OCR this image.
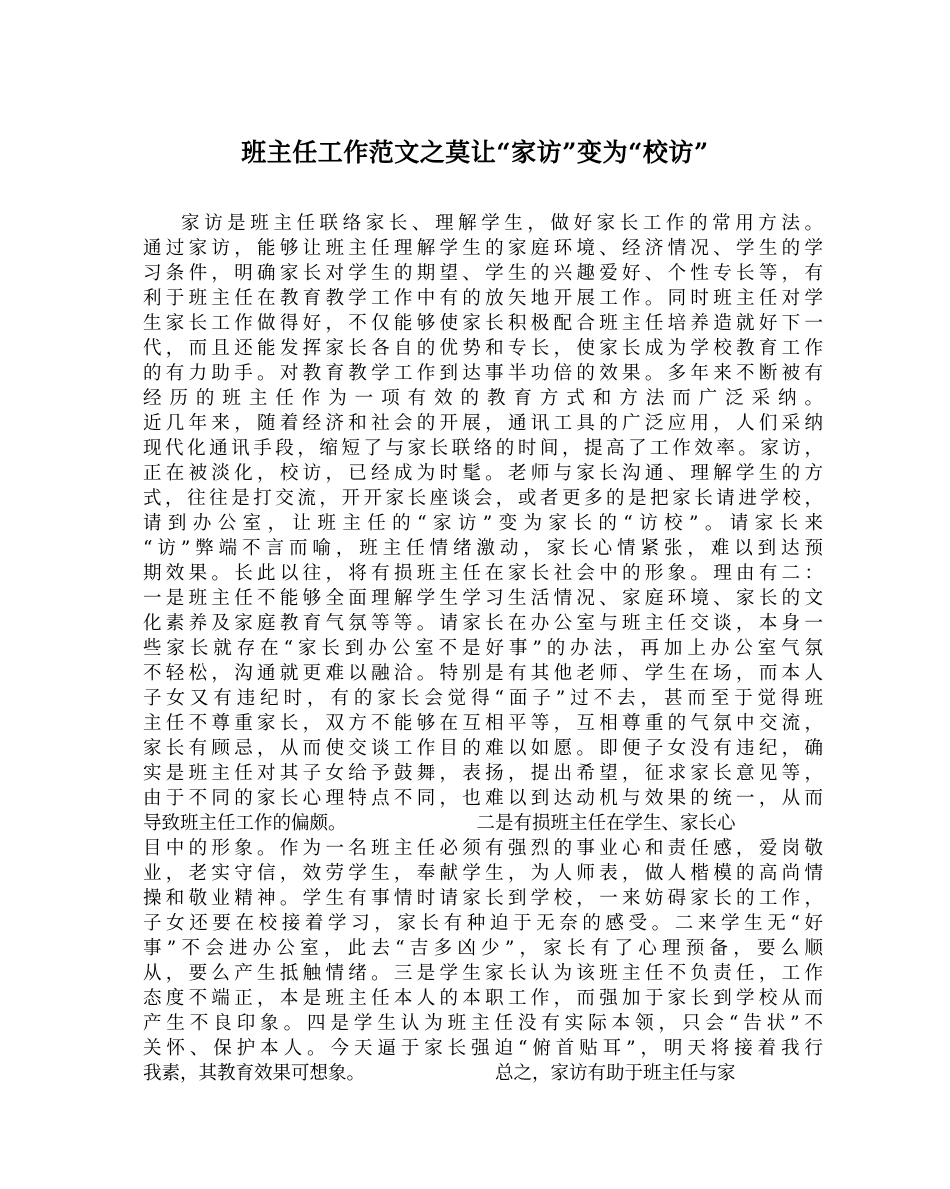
班主任工作范文之莫让“家访”变为“校访”
家访是班主任联络家长、理解学生，做好家长工作的常用方法。
通过家访，能够让班主任理解学生的家庭环境、经济情况、学生的学
习条件，明确家长对学生的期望、学生的兴趣爱好、个性专长等，有
利于班主任在教育教学工作中有的放矢地开展工作。同时班主任对学
生家长工作做得好，不仅能够使家长积极配合班主任培养造就好下一
代，而且还能发挥家长各自的优势和专长，使家长成为学校教育工作
的有力助手。对教育教学工作到达事半功倍的效果。多年来不断被有
经历的班主任作为一项有效的教育方式和方法而广泛采纳。
近几年来，随着经济和社会的开展，通讯工具的广泛应用，人们采纳
现代化通讯手段，缩短了与家长联络的时间，提高了工作效率。家访，
正在被淡化，校访，已经成为时髦。老师与家长沟通、理解学生的方
式，往往是打交流，开开家长座谈会，或者更多的是把家长请进学校，
请到办公室，让班主任的“家访”变为家长的“访校”。请家长来
“访”弊端不言而喻，班主任情绪激动，家长心情紧张，难以到达预
期效果。长此以往，将有损班主任在家长社会中的形象。理由有二：
一是班主任不能够全面理解学生学习生活情况、家庭环境、家长的文
化素养及家庭教育气氛等等。请家长在办公室与班主任交谈，本身一
些家长就存在“家长到办公室不是好事”的办法，再加上办公室气氛
不轻松，沟通就更难以融洽。特别是有其他老师、学生在场，而本人
子女又有违纪时，有的家长会觉得“面子”过不去，甚而至于觉得班
主任不尊重家长，双方不能够在互相平等，互相尊重的气氛中交流，
家长有顾忌，从而使交谈工作目的难以如愿。即便子女没有违纪，确
实是班主任对其子女给予鼓舞，表扬，提出希望，征求家长意见等，
由于不同的家长心理特点不同，也难以到达动机与效果的统一，从而
导致班主任工作的偏颇。	二是有损班主任在学生、家长心
目中的形象。作为一名班主任必须有强烈的事业心和责任感，爱岗敬
业，老实守信，效劳学生，奉献学生，为人师表，做人楷模的高尚情
操和敬业精神。学生有事情时请家长到学校，一来妨碍家长的工作，
子女还要在校接着学习，家长有种迫于无奈的感受。二来学生无“好
事”不会进办公室，此去“吉多凶少”，家长有了心理预备，要么顺
从，要么产生抵触情绪。三是学生家长认为该班主任不负责任，工作
态度不端正，本是班主任本人的本职工作，而强加于家长到学校从而
产生不良印象。四是学生认为班主任没有实际本领，只会“告状”不
关怀、保护本人。今天逼于家长强迫“俯首贴耳”，明天将接着我行
我素，其教育效果可想象。	总之，家访有助于班主任与家
